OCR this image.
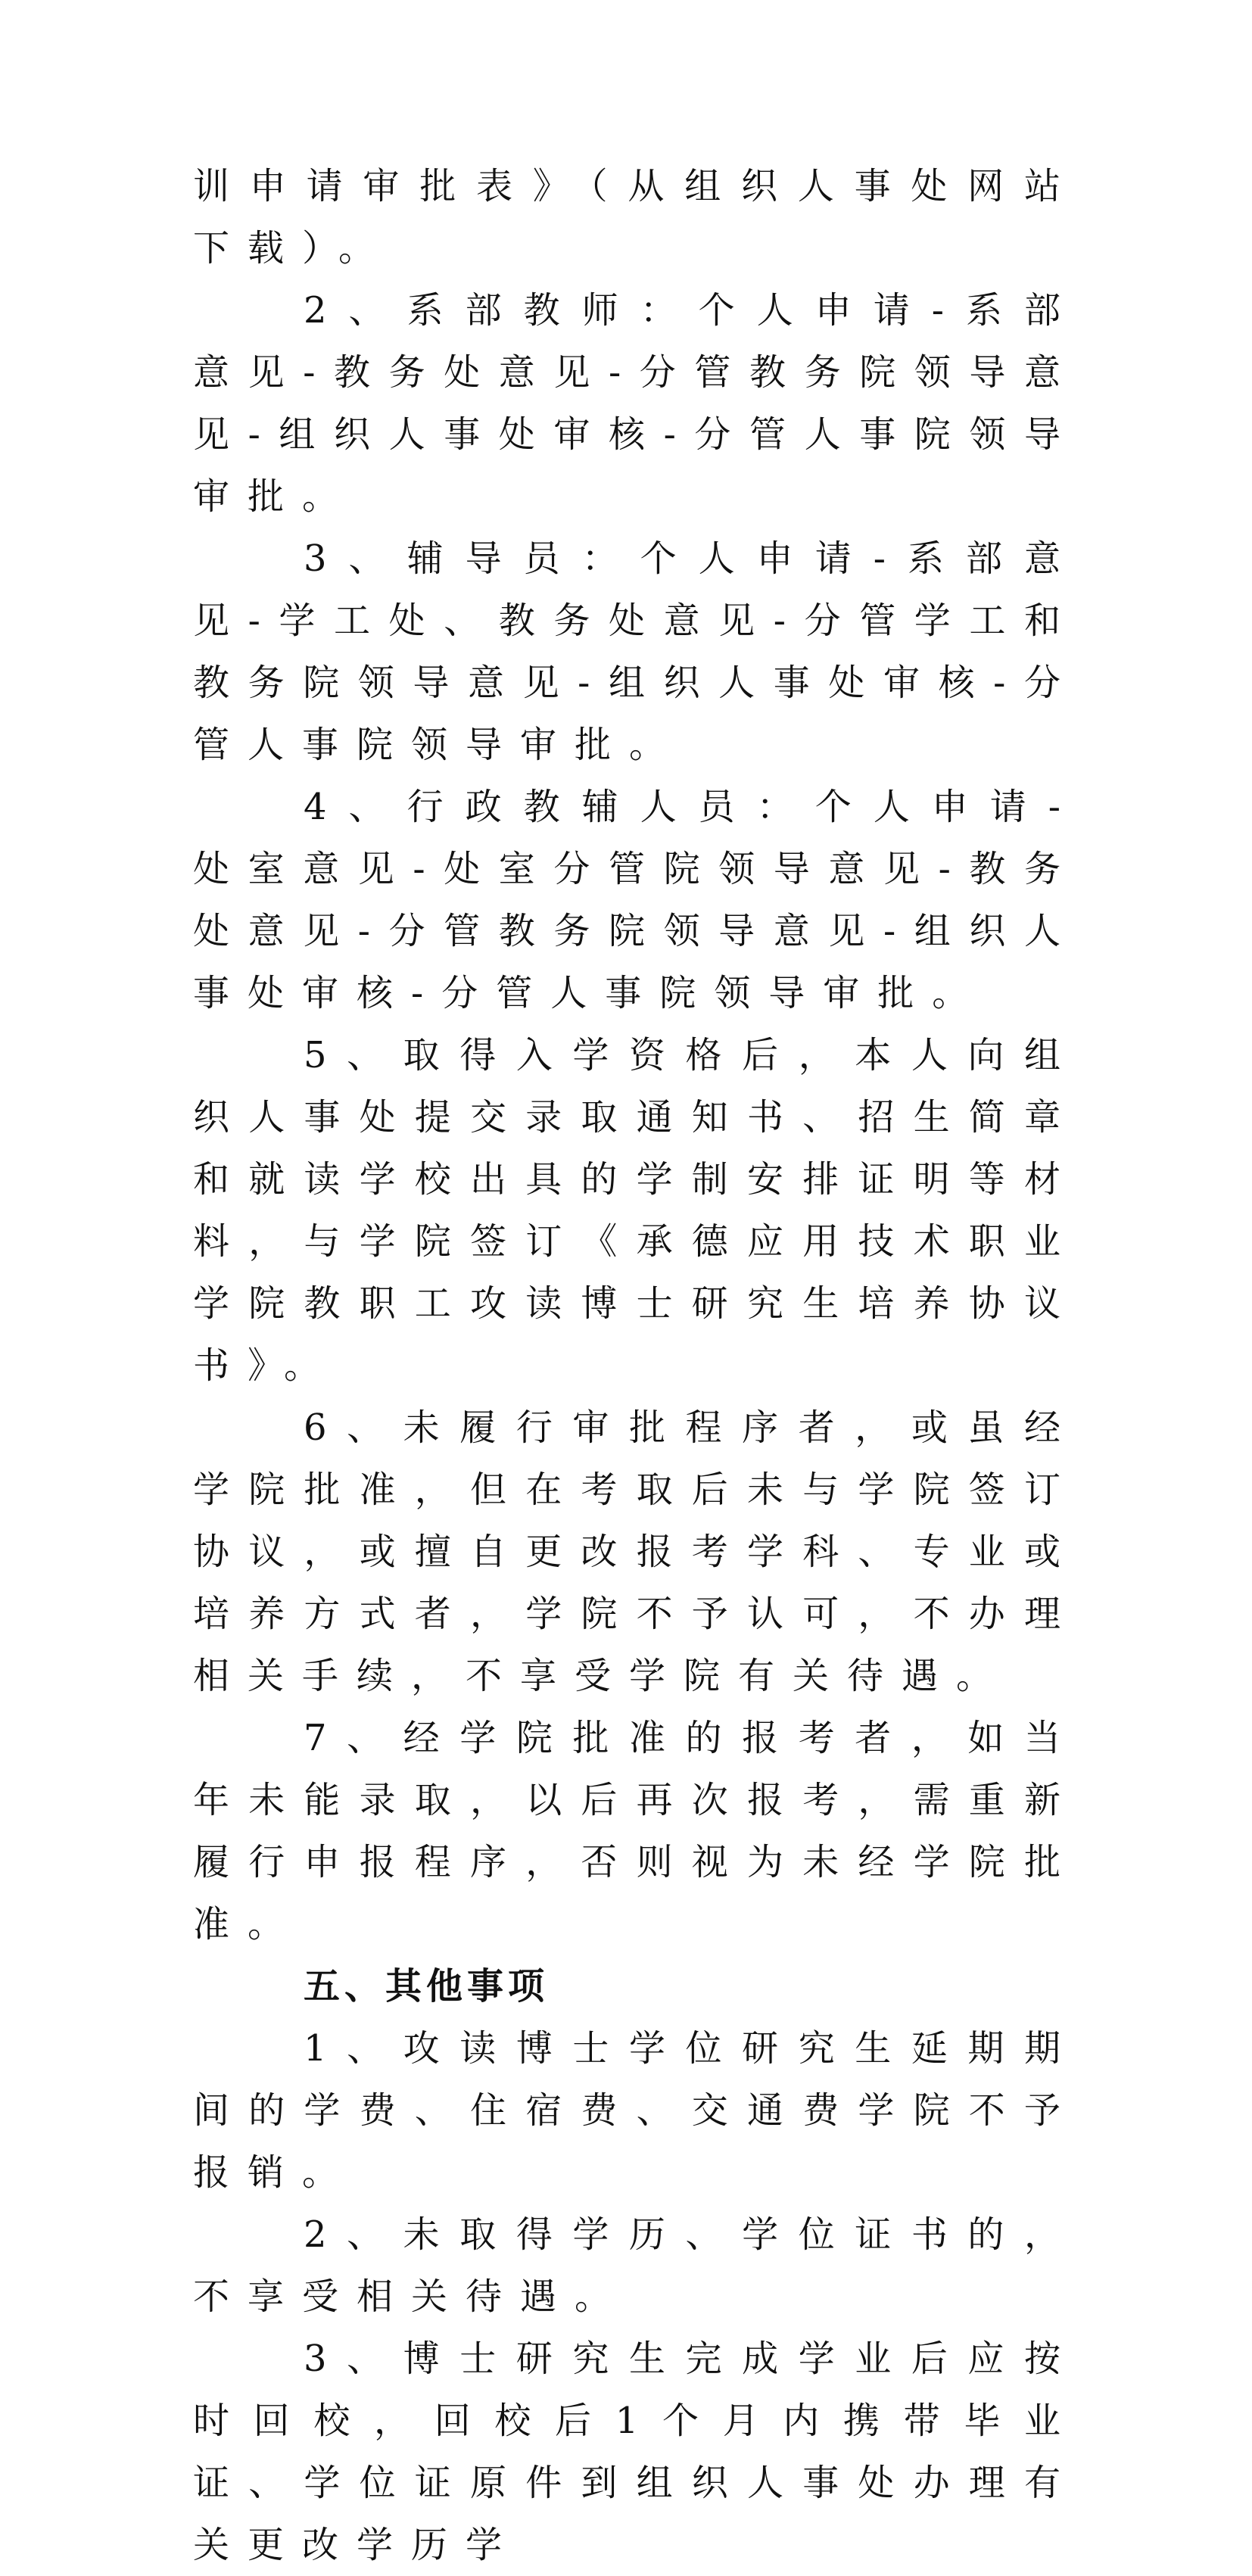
训申请审批表》（从组织人事处网站下载）。

2、系部教师：个人申请-系部意见-教务处意见-分管教务院领导意见-组织人事处审核-分管人事院领导审批。

3、辅导员：个人申请-系部意见-学工处、教务处意见-分管学工和教务院领导意见-组织人事处审核-分管人事院领导审批。

4、行政教辅人员：个人申请-处室意见-处室分管院领导意见-教务处意见-分管教务院领导意见-组织人事处审核-分管人事院领导审批。

5、取得入学资格后，本人向组织人事处提交录取通知书、招生简章和就读学校出具的学制安排证明等材料，与学院签订《承德应用技术职业学院教职工攻读博士研究生培养协议书》。

6、未履行审批程序者，或虽经学院批准，但在考取后未与学院签订协议，或擅自更改报考学科、专业或培养方式者，学院不予认可，不办理相关手续，不享受学院有关待遇。

7、经学院批准的报考者，如当年未能录取，以后再次报考，需重新履行申报程序，否则视为未经学院批准。

五、其他事项

1、攻读博士学位研究生延期期间的学费、住宿费、交通费学院不予报销。

2、未取得学历、学位证书的，不享受相关待遇。

3、博士研究生完成学业后应按时回校，回校后1个月内携带毕业证、学位证原件到组织人事处办理有关更改学历学
